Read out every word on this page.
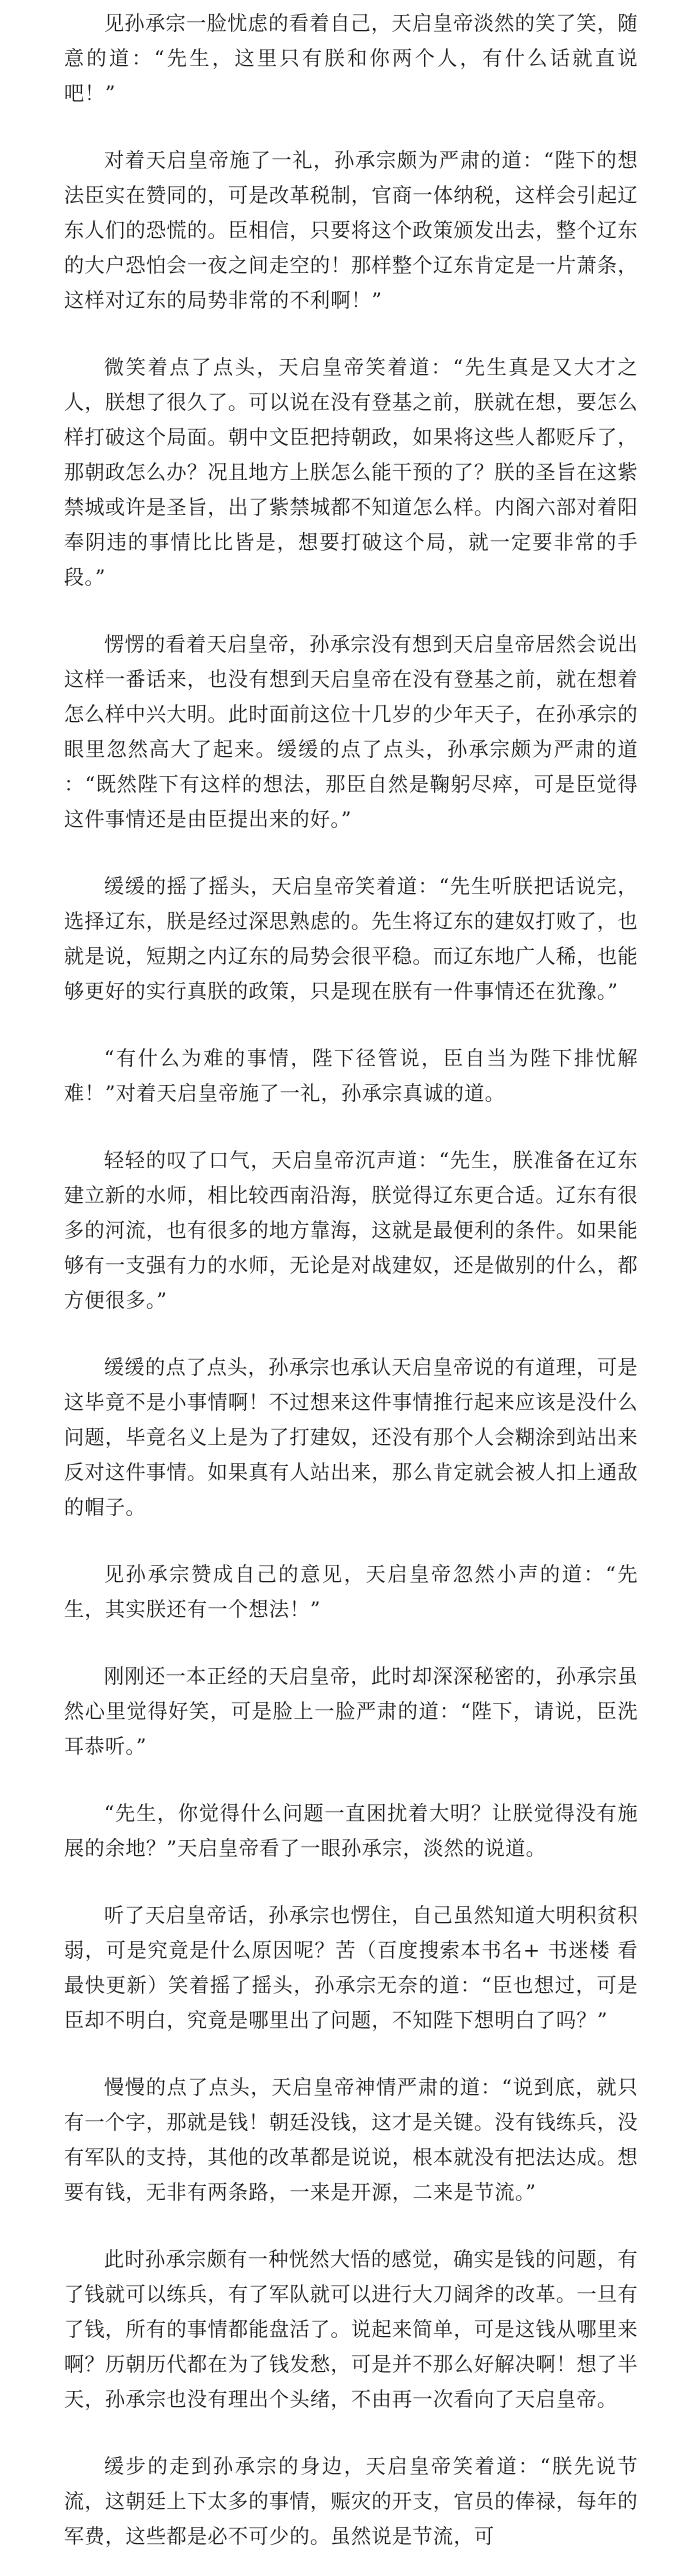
见孙承宗一脸忧虑的看着自己，天启皇帝淡然的笑了笑，随意的道：“先生，这里只有朕和你两个人，有什么话就直说吧！”

对着天启皇帝施了一礼，孙承宗颇为严肃的道：“陛下的想法臣实在赞同的，可是改革税制，官商一体纳税，这样会引起辽东人们的恐慌的。臣相信，只要将这个政策颁发出去，整个辽东的大户恐怕会一夜之间走空的！那样整个辽东肯定是一片萧条，这样对辽东的局势非常的不利啊！”

微笑着点了点头，天启皇帝笑着道：“先生真是又大才之人，朕想了很久了。可以说在没有登基之前，朕就在想，要怎么样打破这个局面。朝中文臣把持朝政，如果将这些人都贬斥了，那朝政怎么办？况且地方上朕怎么能干预的了？朕的圣旨在这紫禁城或许是圣旨，出了紫禁城都不知道怎么样。内阁六部对着阳奉阴违的事情比比皆是，想要打破这个局，就一定要非常的手段。”

愣愣的看着天启皇帝，孙承宗没有想到天启皇帝居然会说出这样一番话来，也没有想到天启皇帝在没有登基之前，就在想着怎么样中兴大明。此时面前这位十几岁的少年天子，在孙承宗的眼里忽然高大了起来。缓缓的点了点头，孙承宗颇为严肃的道 ：“既然陛下有这样的想法，那臣自然是鞠躬尽瘁，可是臣觉得这件事情还是由臣提出来的好。”

缓缓的摇了摇头，天启皇帝笑着道：“先生听朕把话说完，选择辽东，朕是经过深思熟虑的。先生将辽东的建奴打败了，也就是说，短期之内辽东的局势会很平稳。而辽东地广人稀，也能够更好的实行真朕的政策，只是现在朕有一件事情还在犹豫。”

“有什么为难的事情，陛下径管说，臣自当为陛下排忧解难！”对着天启皇帝施了一礼，孙承宗真诚的道。

轻轻的叹了口气，天启皇帝沉声道：“先生，朕准备在辽东建立新的水师，相比较西南沿海，朕觉得辽东更合适。辽东有很多的河流，也有很多的地方靠海，这就是最便利的条件。如果能够有一支强有力的水师，无论是对战建奴，还是做别的什么，都方便很多。”

缓缓的点了点头，孙承宗也承认天启皇帝说的有道理，可是这毕竟不是小事情啊！不过想来这件事情推行起来应该是没什么问题，毕竟名义上是为了打建奴，还没有那个人会糊涂到站出来反对这件事情。如果真有人站出来，那么肯定就会被人扣上通敌的帽子。

见孙承宗赞成自己的意见，天启皇帝忽然小声的道：“先生，其实朕还有一个想法！”

刚刚还一本正经的天启皇帝，此时却深深秘密的，孙承宗虽然心里觉得好笑，可是脸上一脸严肃的道：“陛下，请说，臣洗耳恭听。”

“先生，你觉得什么问题一直困扰着大明？让朕觉得没有施展的余地？”天启皇帝看了一眼孙承宗，淡然的说道。

听了天启皇帝话，孙承宗也愣住，自己虽然知道大明积贫积弱，可是究竟是什么原因呢？苦（百度搜索本书名+ 书迷楼 看最快更新）笑着摇了摇头，孙承宗无奈的道：“臣也想过，可是臣却不明白，究竟是哪里出了问题，不知陛下想明白了吗？”

慢慢的点了点头，天启皇帝神情严肃的道：“说到底，就只有一个字，那就是钱！朝廷没钱，这才是关键。没有钱练兵，没有军队的支持，其他的改革都是说说，根本就没有把法达成。想要有钱，无非有两条路，一来是开源，二来是节流。”

此时孙承宗颇有一种恍然大悟的感觉，确实是钱的问题，有了钱就可以练兵，有了军队就可以进行大刀阔斧的改革。一旦有了钱，所有的事情都能盘活了。说起来简单，可是这钱从哪里来啊？历朝历代都在为了钱发愁，可是并不那么好解决啊！想了半天，孙承宗也没有理出个头绪，不由再一次看向了天启皇帝。

缓步的走到孙承宗的身边，天启皇帝笑着道：“朕先说节流，这朝廷上下太多的事情，赈灾的开支，官员的俸禄，每年的军费，这些都是必不可少的。虽然说是节流，可
